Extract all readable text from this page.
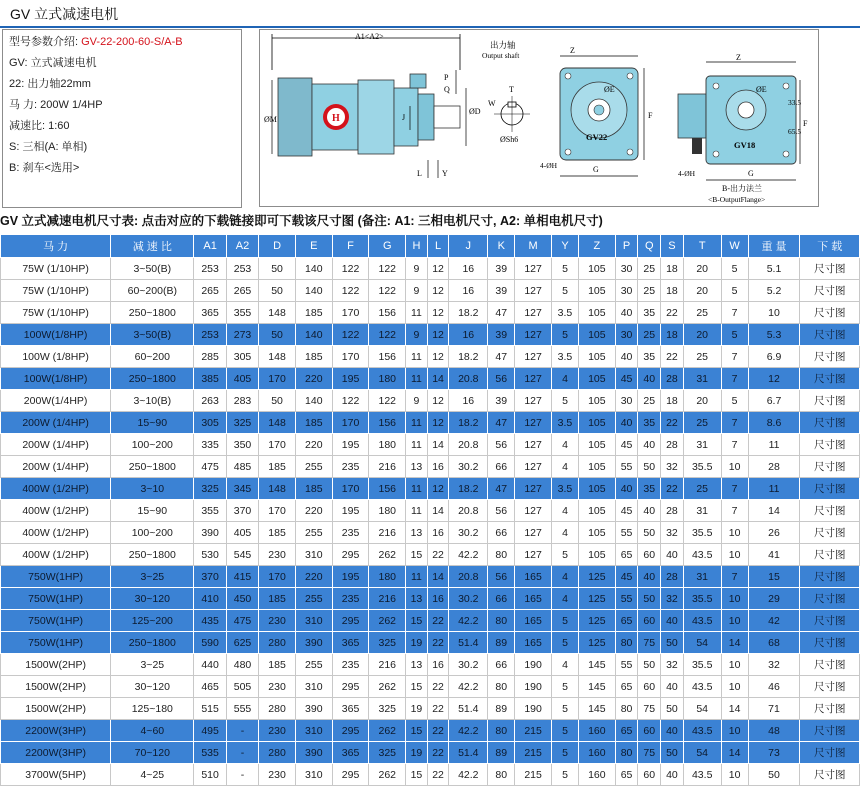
GV 立式减速电机
型号参数介绍: GV-22-200-60-S/A-B
GV: 立式减速电机
22: 出力轴22mm
马 力: 200W 1/4HP
减速比: 1:60
S: 三相(A: 单相)
B: 刹车<选用>
A1<A2>
H
ØM
ØD
J
L	Y
P
Q
出力轴
Output shaft
T
W
ØSh6
Z
ØE
F
G
4-ØH
GV22
Z
ØE
33.5
65.5
F
G
4-ØH
GV18
B-出力法兰
<B-OutputFlange>
GV 立式减速电机尺寸表: 点击对应的下载链接即可下载该尺寸图 (备注: A1: 三相电机尺寸, A2: 单相电机尺寸)
马 力	减 速 比	A1	A2	D	E	F	G	H	L	J	K	M	Y	Z	P	Q	S	T	W	重 量	下 载
75W (1/10HP)	3~50(B)	253	253	50	140	122	122	9	12	16	39	127	5	105	30	25	18	20	5	5.1	尺寸图
75W (1/10HP)	60~200(B)	265	265	50	140	122	122	9	12	16	39	127	5	105	30	25	18	20	5	5.2	尺寸图
75W (1/10HP)	250~1800	365	355	148	185	170	156	11	12	18.2	47	127	3.5	105	40	35	22	25	7	10	尺寸图
100W(1/8HP)	3~50(B)	253	273	50	140	122	122	9	12	16	39	127	5	105	30	25	18	20	5	5.3	尺寸图
100W (1/8HP)	60~200	285	305	148	185	170	156	11	12	18.2	47	127	3.5	105	40	35	22	25	7	6.9	尺寸图
100W(1/8HP)	250~1800	385	405	170	220	195	180	11	14	20.8	56	127	4	105	45	40	28	31	7	12	尺寸图
200W(1/4HP)	3~10(B)	263	283	50	140	122	122	9	12	16	39	127	5	105	30	25	18	20	5	6.7	尺寸图
200W (1/4HP)	15~90	305	325	148	185	170	156	11	12	18.2	47	127	3.5	105	40	35	22	25	7	8.6	尺寸图
200W (1/4HP)	100~200	335	350	170	220	195	180	11	14	20.8	56	127	4	105	45	40	28	31	7	11	尺寸图
200W (1/4HP)	250~1800	475	485	185	255	235	216	13	16	30.2	66	127	4	105	55	50	32	35.5	10	28	尺寸图
400W (1/2HP)	3~10	325	345	148	185	170	156	11	12	18.2	47	127	3.5	105	40	35	22	25	7	11	尺寸图
400W (1/2HP)	15~90	355	370	170	220	195	180	11	14	20.8	56	127	4	105	45	40	28	31	7	14	尺寸图
400W (1/2HP)	100~200	390	405	185	255	235	216	13	16	30.2	66	127	4	105	55	50	32	35.5	10	26	尺寸图
400W (1/2HP)	250~1800	530	545	230	310	295	262	15	22	42.2	80	127	5	105	65	60	40	43.5	10	41	尺寸图
750W(1HP)	3~25	370	415	170	220	195	180	11	14	20.8	56	165	4	125	45	40	28	31	7	15	尺寸图
750W(1HP)	30~120	410	450	185	255	235	216	13	16	30.2	66	165	4	125	55	50	32	35.5	10	29	尺寸图
750W(1HP)	125~200	435	475	230	310	295	262	15	22	42.2	80	165	5	125	65	60	40	43.5	10	42	尺寸图
750W(1HP)	250~1800	590	625	280	390	365	325	19	22	51.4	89	165	5	125	80	75	50	54	14	68	尺寸图
1500W(2HP)	3~25	440	480	185	255	235	216	13	16	30.2	66	190	4	145	55	50	32	35.5	10	32	尺寸图
1500W(2HP)	30~120	465	505	230	310	295	262	15	22	42.2	80	190	5	145	65	60	40	43.5	10	46	尺寸图
1500W(2HP)	125~180	515	555	280	390	365	325	19	22	51.4	89	190	5	145	80	75	50	54	14	71	尺寸图
2200W(3HP)	4~60	495	-	230	310	295	262	15	22	42.2	80	215	5	160	65	60	40	43.5	10	48	尺寸图
2200W(3HP)	70~120	535	-	280	390	365	325	19	22	51.4	89	215	5	160	80	75	50	54	14	73	尺寸图
3700W(5HP)	4~25	510	-	230	310	295	262	15	22	42.2	80	215	5	160	65	60	40	43.5	10	50	尺寸图
